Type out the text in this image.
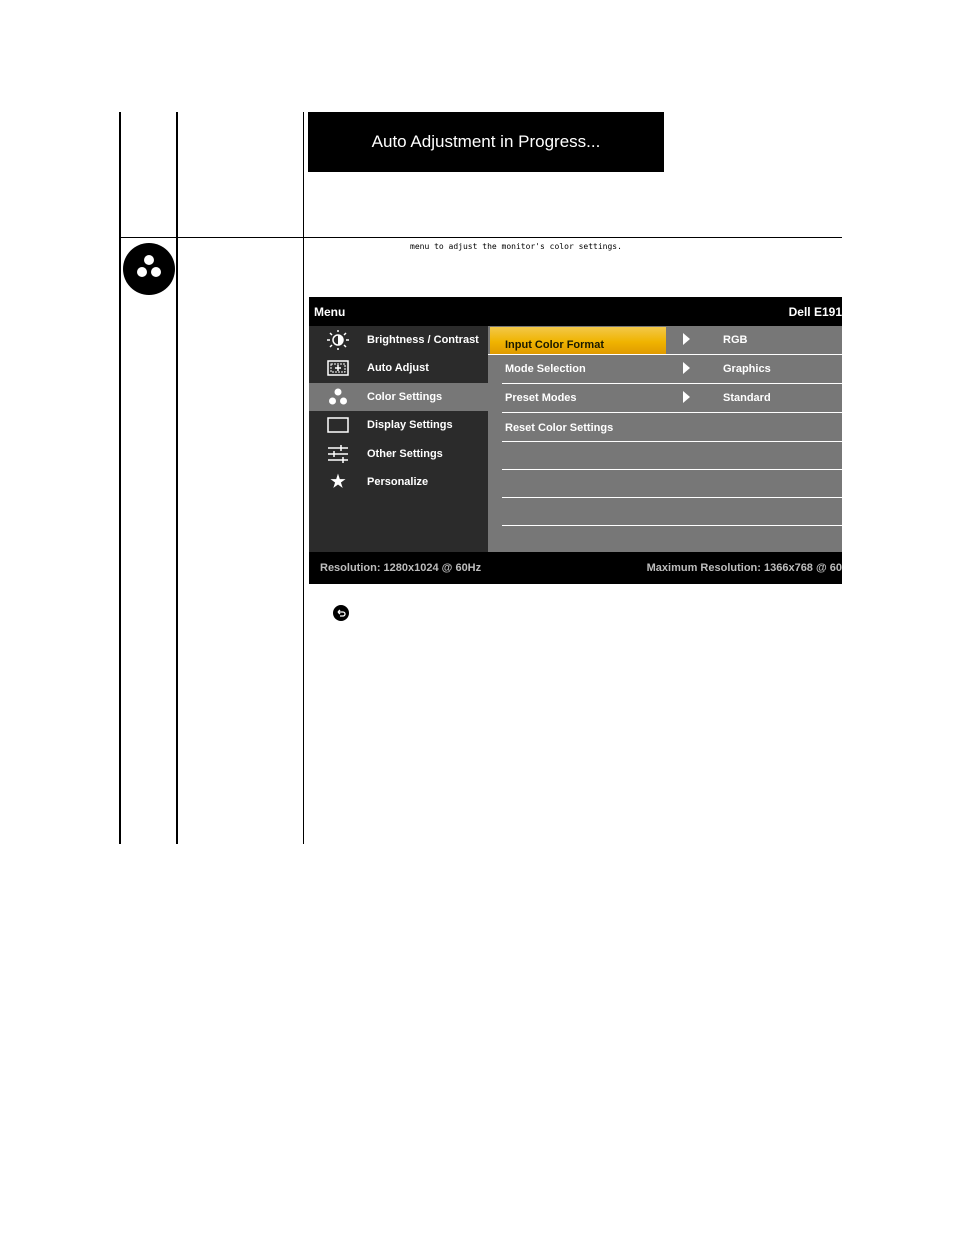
Auto Adjustment in Progress...
menu to adjust the monitor's color settings.
Menu	Dell E191
Brightness / Contrast
Auto Adjust
Color Settings
Display Settings
Other Settings
★	Personalize
Input Color Format	RGB
Mode Selection	Graphics
Preset Modes	Standard
Reset Color Settings
Resolution: 1280x1024 @ 60Hz	Maximum Resolution: 1366x768 @ 60
